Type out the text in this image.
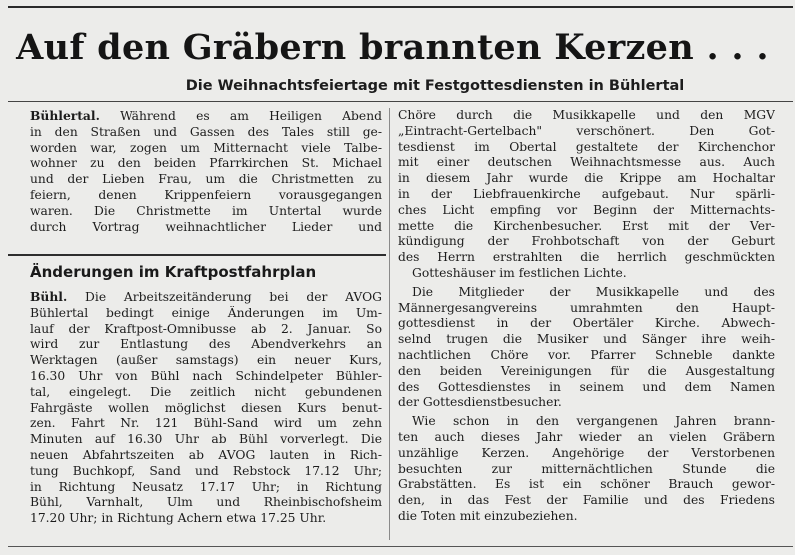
Auf den Gräbern brannten Kerzen . . .
Die Weihnachtsfeiertage mit Festgottesdiensten in Bühlertal
Bühlertal. Während es am Heiligen Abend
in den Straßen und Gassen des Tales still ge-
worden war, zogen um Mitternacht viele Talbe-
wohner zu den beiden Pfarrkirchen St. Michael
und der Lieben Frau, um die Christmetten zu
feiern, denen Krippenfeiern vorausgegangen
waren. Die Christmette im Untertal wurde
durch Vortrag weihnachtlicher Lieder und
Änderungen im Kraftpostfahrplan
Bühl. Die Arbeitszeitänderung bei der AVOG
Bühlertal bedingt einige Änderungen im Um-
lauf der Kraftpost-Omnibusse ab 2. Januar. So
wird zur Entlastung des Abendverkehrs an
Werktagen (außer samstags) ein neuer Kurs,
16.30 Uhr von Bühl nach Schindelpeter Bühler-
tal, eingelegt. Die zeitlich nicht gebundenen
Fahrgäste wollen möglichst diesen Kurs benut-
zen. Fahrt Nr. 121 Bühl-Sand wird um zehn
Minuten auf 16.30 Uhr ab Bühl vorverlegt. Die
neuen Abfahrtszeiten ab AVOG lauten in Rich-
tung Buchkopf, Sand und Rebstock 17.12 Uhr;
in Richtung Neusatz 17.17 Uhr; in Richtung
Bühl, Varnhalt, Ulm und Rheinbischofsheim
17.20 Uhr; in Richtung Achern etwa 17.25 Uhr.
Chöre durch die Musikkapelle und den MGV
„Eintracht-Gertelbach" verschönert. Den Got-
tesdienst im Obertal gestaltete der Kirchenchor
mit einer deutschen Weihnachtsmesse aus. Auch
in diesem Jahr wurde die Krippe am Hochaltar
in der Liebfrauenkirche aufgebaut. Nur spärli-
ches Licht empfing vor Beginn der Mitternachts-
mette die Kirchenbesucher. Erst mit der Ver-
kündigung der Frohbotschaft von der Geburt
des Herrn erstrahlten die herrlich geschmückten
Gotteshäuser im festlichen Lichte.
Die Mitglieder der Musikkapelle und des
Männergesangvereins umrahmten den Haupt-
gottesdienst in der Obertäler Kirche. Abwech-
selnd trugen die Musiker und Sänger ihre weih-
nachtlichen Chöre vor. Pfarrer Schneble dankte
den beiden Vereinigungen für die Ausgestaltung
des Gottesdienstes in seinem und dem Namen
der Gottesdienstbesucher.
Wie schon in den vergangenen Jahren brann-
ten auch dieses Jahr wieder an vielen Gräbern
unzählige Kerzen. Angehörige der Verstorbenen
besuchten zur mitternächtlichen Stunde die
Grabstätten. Es ist ein schöner Brauch gewor-
den, in das Fest der Familie und des Friedens
die Toten mit einzubeziehen.
